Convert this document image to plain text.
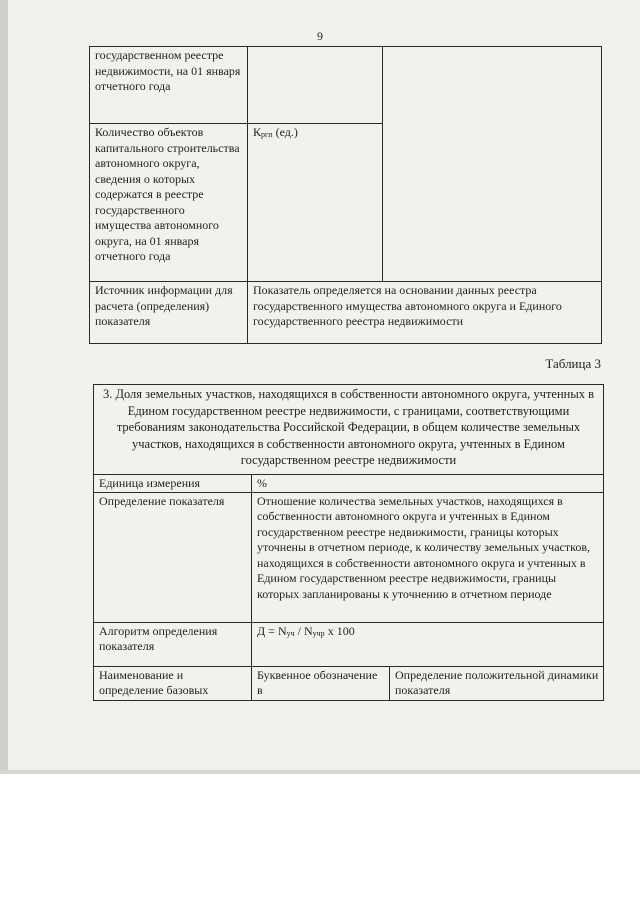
9
государственном реестре недвижимости, на 01 января отчетного года		
Количество объектов капитального строительства автономного округа, сведения о которых содержатся в реестре государственного имущества автономного округа, на 01 января отчетного года	$К_{ргп}$ (ед.)	
Источник информации для расчета (определения) показателя	Показатель определяется на основании данных реестра государственного имущества автономного округа и Единого государственного реестра недвижимости	
Таблица 3
3. Доля земельных участков, находящихся в собственности автономного округа, учтенных в Едином государственном реестре недвижимости, с границами, соответствующими требованиям законодательства Российской Федерации, в общем количестве земельных участков, находящихся в собственности автономного округа, учтенных в Едином государственном реестре недвижимости		
Единица измерения	%	
Определение показателя	Отношение количества земельных участков, находящихся в собственности автономного округа и учтенных в Едином государственном реестре недвижимости, границы которых уточнены в отчетном периоде, к количеству земельных участков, находящихся в собственности автономного округа и учтенных в Едином государственном реестре недвижимости, границы которых запланированы к уточнению в отчетном периоде	
Алгоритм определения показателя	$Д = N_{уч} / N_{учр}$ x 100	
Наименование и определение базовых	Буквенное обозначение в	Определение положительной динамики показателя
